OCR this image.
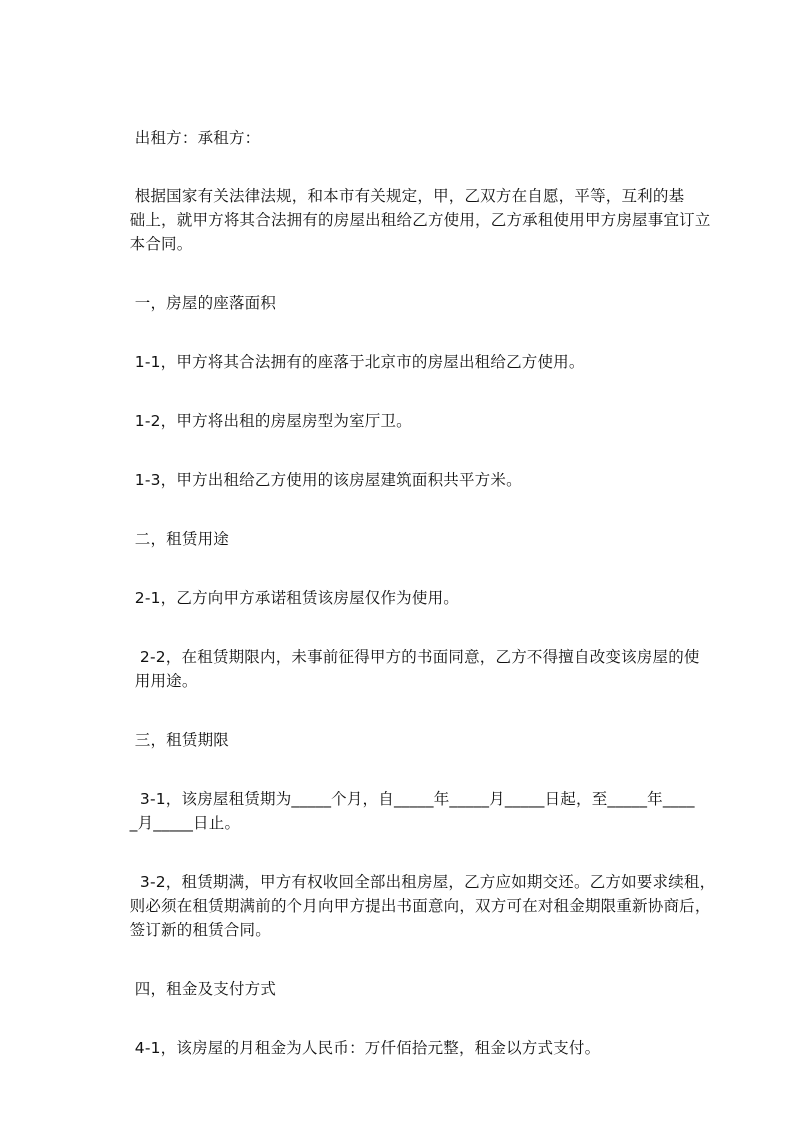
出租方：承租方：

根据国家有关法律法规，和本市有关规定，甲，乙双方在自愿，平等，互利的基
础上，就甲方将其合法拥有的房屋出租给乙方使用，乙方承租使用甲方房屋事宜订立
本合同。

一，房屋的座落面积

1-1，甲方将其合法拥有的座落于北京市的房屋出租给乙方使用。

1-2，甲方将出租的房屋房型为室厅卫。

1-3，甲方出租给乙方使用的该房屋建筑面积共平方米。

二，租赁用途

2-1，乙方向甲方承诺租赁该房屋仅作为使用。

2-2，在租赁期限内，未事前征得甲方的书面同意，乙方不得擅自改变该房屋的使
用用途。

三，租赁期限

3-1，该房屋租赁期为_____个月，自_____年_____月_____日起，至_____年____
_月_____日止。

3-2，租赁期满，甲方有权收回全部出租房屋，乙方应如期交还。乙方如要求续租，
则必须在租赁期满前的个月向甲方提出书面意向，双方可在对租金期限重新协商后，
签订新的租赁合同。

四，租金及支付方式

4-1，该房屋的月租金为人民币：万仟佰拾元整，租金以方式支付。
